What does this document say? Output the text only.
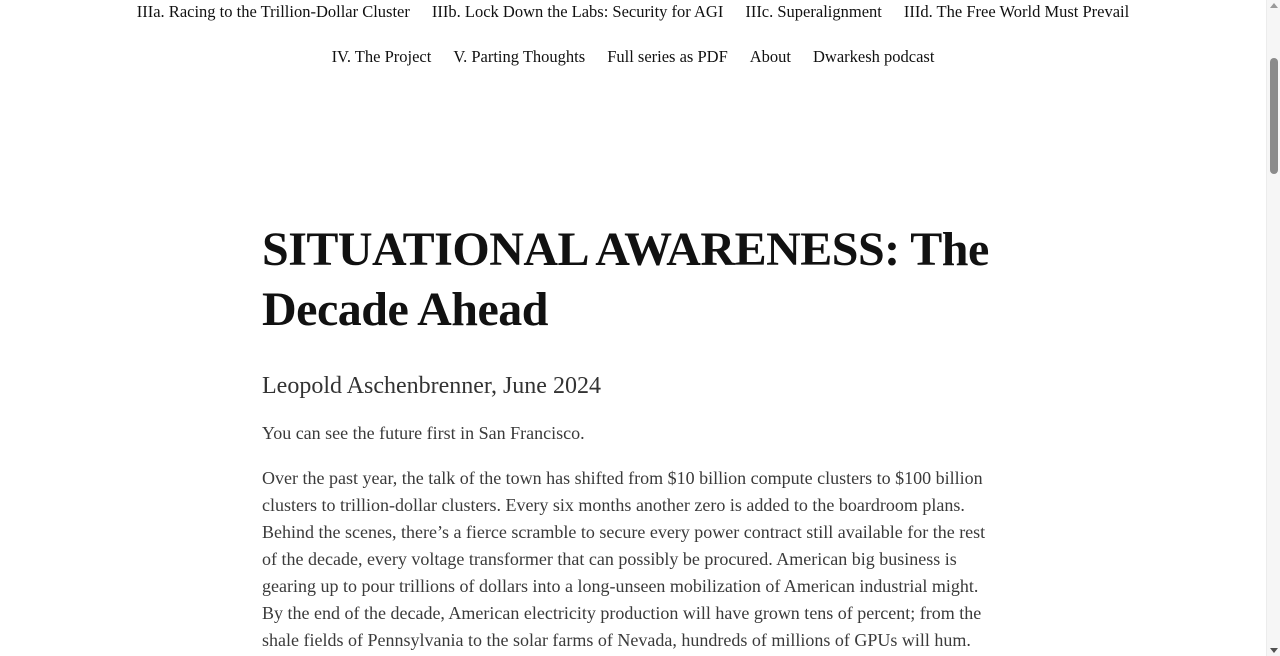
IIIa. Racing to the Trillion-Dollar Cluster IIIb. Lock Down the Labs: Security for AGI IIIc. Superalignment IIId. The Free World Must Prevail
IV. The Project V. Parting Thoughts Full series as PDF About Dwarkesh podcast
SITUATIONAL AWARENESS: The Decade Ahead

Leopold Aschenbrenner, June 2024

You can see the future first in San Francisco.

Over the past year, the talk of the town has shifted from $10 billion compute clusters to $100 billion clusters to trillion-dollar clusters. Every six months another zero is added to the boardroom plans. Behind the scenes, there’s a fierce scramble to secure every power contract still available for the rest of the decade, every voltage transformer that can possibly be procured. American big business is gearing up to pour trillions of dollars into a long-unseen mobilization of American industrial might. By the end of the decade, American electricity production will have grown tens of percent; from the shale fields of Pennsylvania to the solar farms of Nevada, hundreds of millions of GPUs will hum.
